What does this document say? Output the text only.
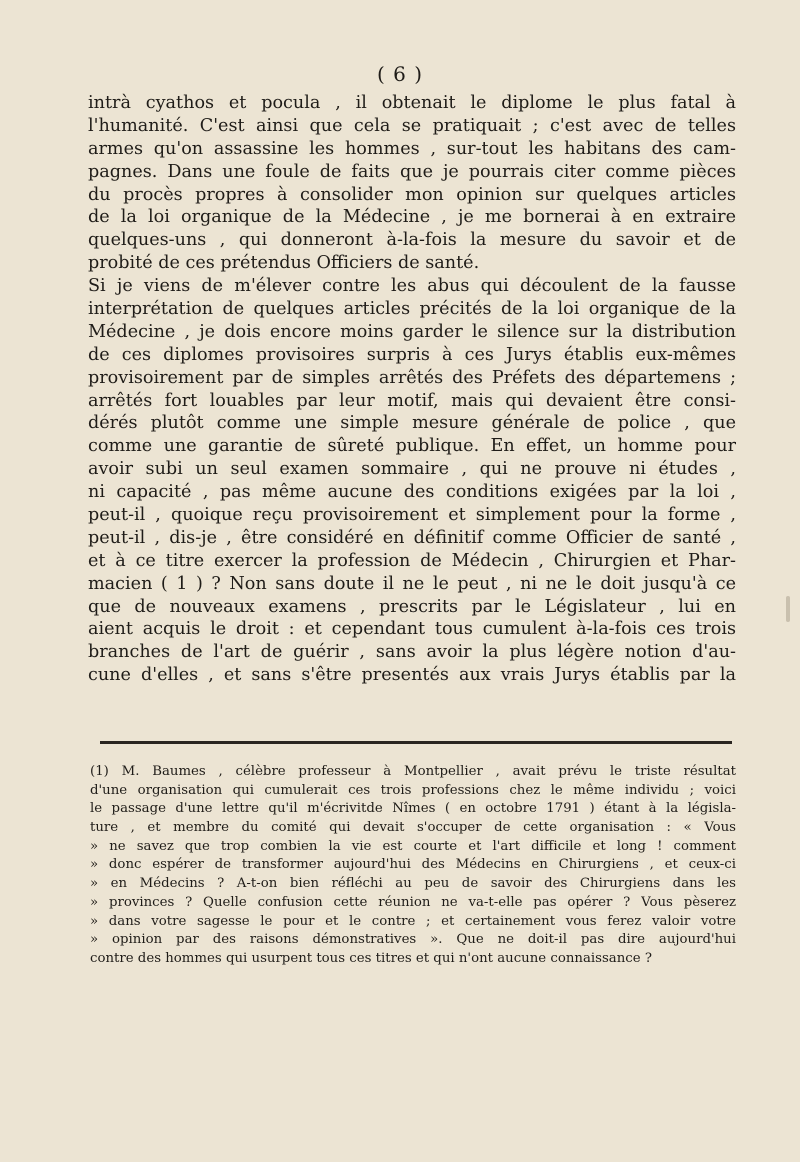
( 6 )
intrà cyathos et pocula , il obtenait le diplome le plus fatal à
l'humanité. C'est ainsi que cela se pratiquait ; c'est avec de telles
armes qu'on assassine les hommes , sur-tout les habitans des cam-
pagnes. Dans une foule de faits que je pourrais citer comme pièces
du procès propres à consolider mon opinion sur quelques articles
de la loi organique de la Médecine , je me bornerai à en extraire
quelques-uns , qui donneront à-la-fois la mesure du savoir et de
probité de ces prétendus Officiers de santé.
Si je viens de m'élever contre les abus qui découlent de la fausse
interprétation de quelques articles précités de la loi organique de la
Médecine , je dois encore moins garder le silence sur la distribution
de ces diplomes provisoires surpris à ces Jurys établis eux-mêmes
provisoirement par de simples arrêtés des Préfets des départemens ;
arrêtés fort louables par leur motif, mais qui devaient être consi-
dérés plutôt comme une simple mesure générale de police , que
comme une garantie de sûreté publique. En effet, un homme pour
avoir subi un seul examen sommaire , qui ne prouve ni études ,
ni capacité , pas même aucune des conditions exigées par la loi ,
peut-il , quoique reçu provisoirement et simplement pour la forme ,
peut-il , dis-je , être considéré en définitif comme Officier de santé ,
et à ce titre exercer la profession de Médecin , Chirurgien et Phar-
macien ( 1 ) ? Non sans doute il ne le peut , ni ne le doit jusqu'à ce
que de nouveaux examens , prescrits par le Législateur , lui en
aient acquis le droit : et cependant tous cumulent à-la-fois ces trois
branches de l'art de guérir , sans avoir la plus légère notion d'au-
cune d'elles , et sans s'être presentés aux vrais Jurys établis par la
(1) M. Baumes , célèbre professeur à Montpellier , avait prévu le triste résultat
d'une organisation qui cumulerait ces trois professions chez le même individu ; voici
le passage d'une lettre qu'il m'écrivitde Nîmes ( en octobre 1791 ) étant à la législa-
ture , et membre du comité qui devait s'occuper de cette organisation : « Vous
» ne savez que trop combien la vie est courte et l'art difficile et long ! comment
» donc espérer de transformer aujourd'hui des Médecins en Chirurgiens , et ceux-ci
» en Médecins ? A-t-on bien réfléchi au peu de savoir des Chirurgiens dans les
» provinces ? Quelle confusion cette réunion ne va-t-elle pas opérer ? Vous pèserez
» dans votre sagesse le pour et le contre ; et certainement vous ferez valoir votre
» opinion par des raisons démonstratives ». Que ne doit-il pas dire aujourd'hui
contre des hommes qui usurpent tous ces titres et qui n'ont aucune connaissance ?
